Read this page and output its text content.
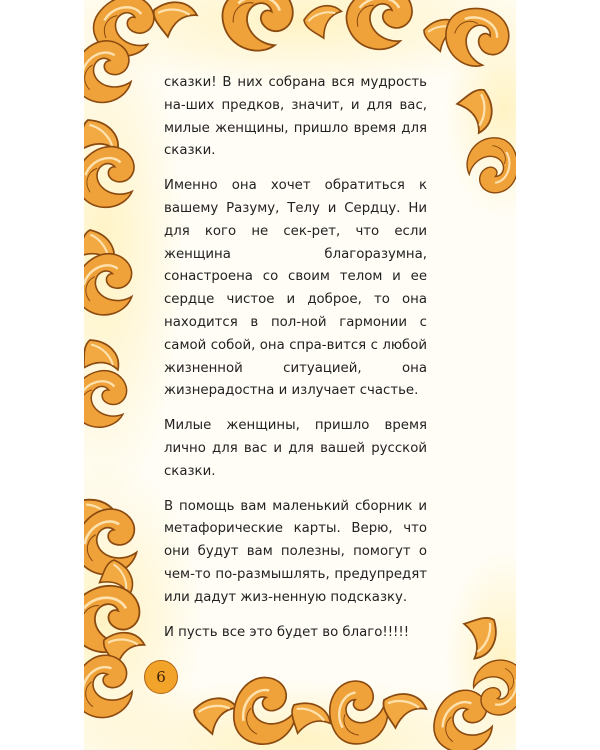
сказки! В них собрана вся мудрость на-ших предков, значит, и для вас, милые женщины, пришло время для сказки.

Именно она хочет обратиться к вашему Разуму, Телу и Сердцу. Ни для кого не сек-рет, что если женщина благоразумна, сонастроена со своим телом и ее сердце чистое и доброе, то она находится в пол-ной гармонии с самой собой, она спра-вится с любой жизненной ситуацией, она жизнерадостна и излучает счастье.

Милые женщины, пришло время лично для вас и для вашей русской сказки.

В помощь вам маленький сборник и метафорические карты. Верю, что они будут вам полезны, помогут о чем-то по-размышлять, предупредят или дадут жиз-ненную подсказку.

И пусть все это будет во благо!!!!!

6
